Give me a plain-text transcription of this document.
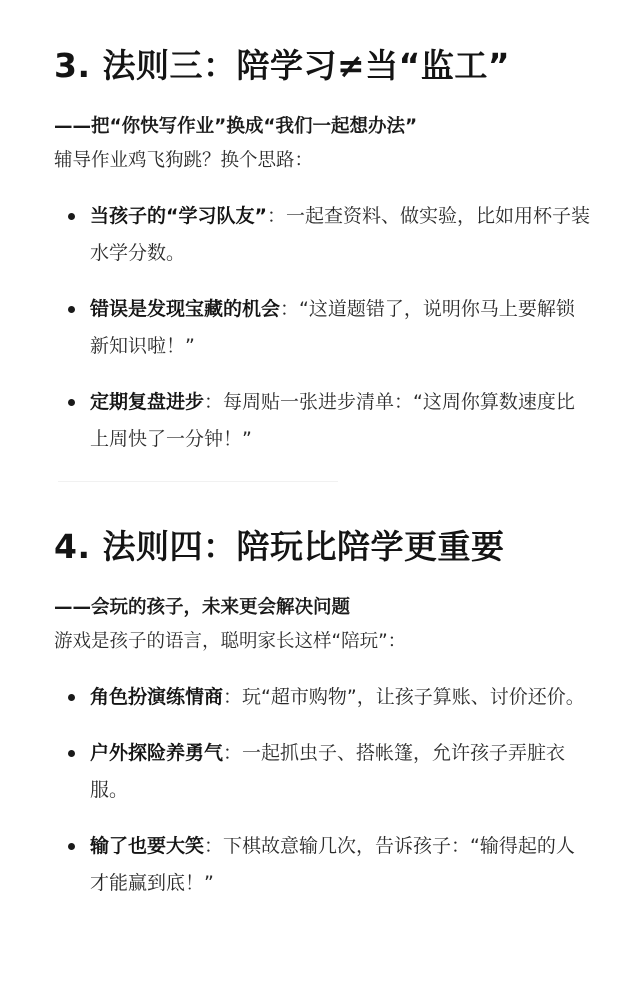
3. 法则三：陪学习≠当“监工”

——把“你快写作业”换成“我们一起想办法”

辅导作业鸡飞狗跳？换个思路：

当孩子的“学习队友”：一起查资料、做实验，比如用杯子装水学分数。
错误是发现宝藏的机会：“这道题错了，说明你马上要解锁新知识啦！”
定期复盘进步：每周贴一张进步清单：“这周你算数速度比上周快了一分钟！”
4. 法则四：陪玩比陪学更重要

——会玩的孩子，未来更会解决问题

游戏是孩子的语言，聪明家长这样“陪玩”：

角色扮演练情商：玩“超市购物”，让孩子算账、讨价还价。
户外探险养勇气：一起抓虫子、搭帐篷，允许孩子弄脏衣服。
输了也要大笑：下棋故意输几次，告诉孩子：“输得起的人才能赢到底！”
